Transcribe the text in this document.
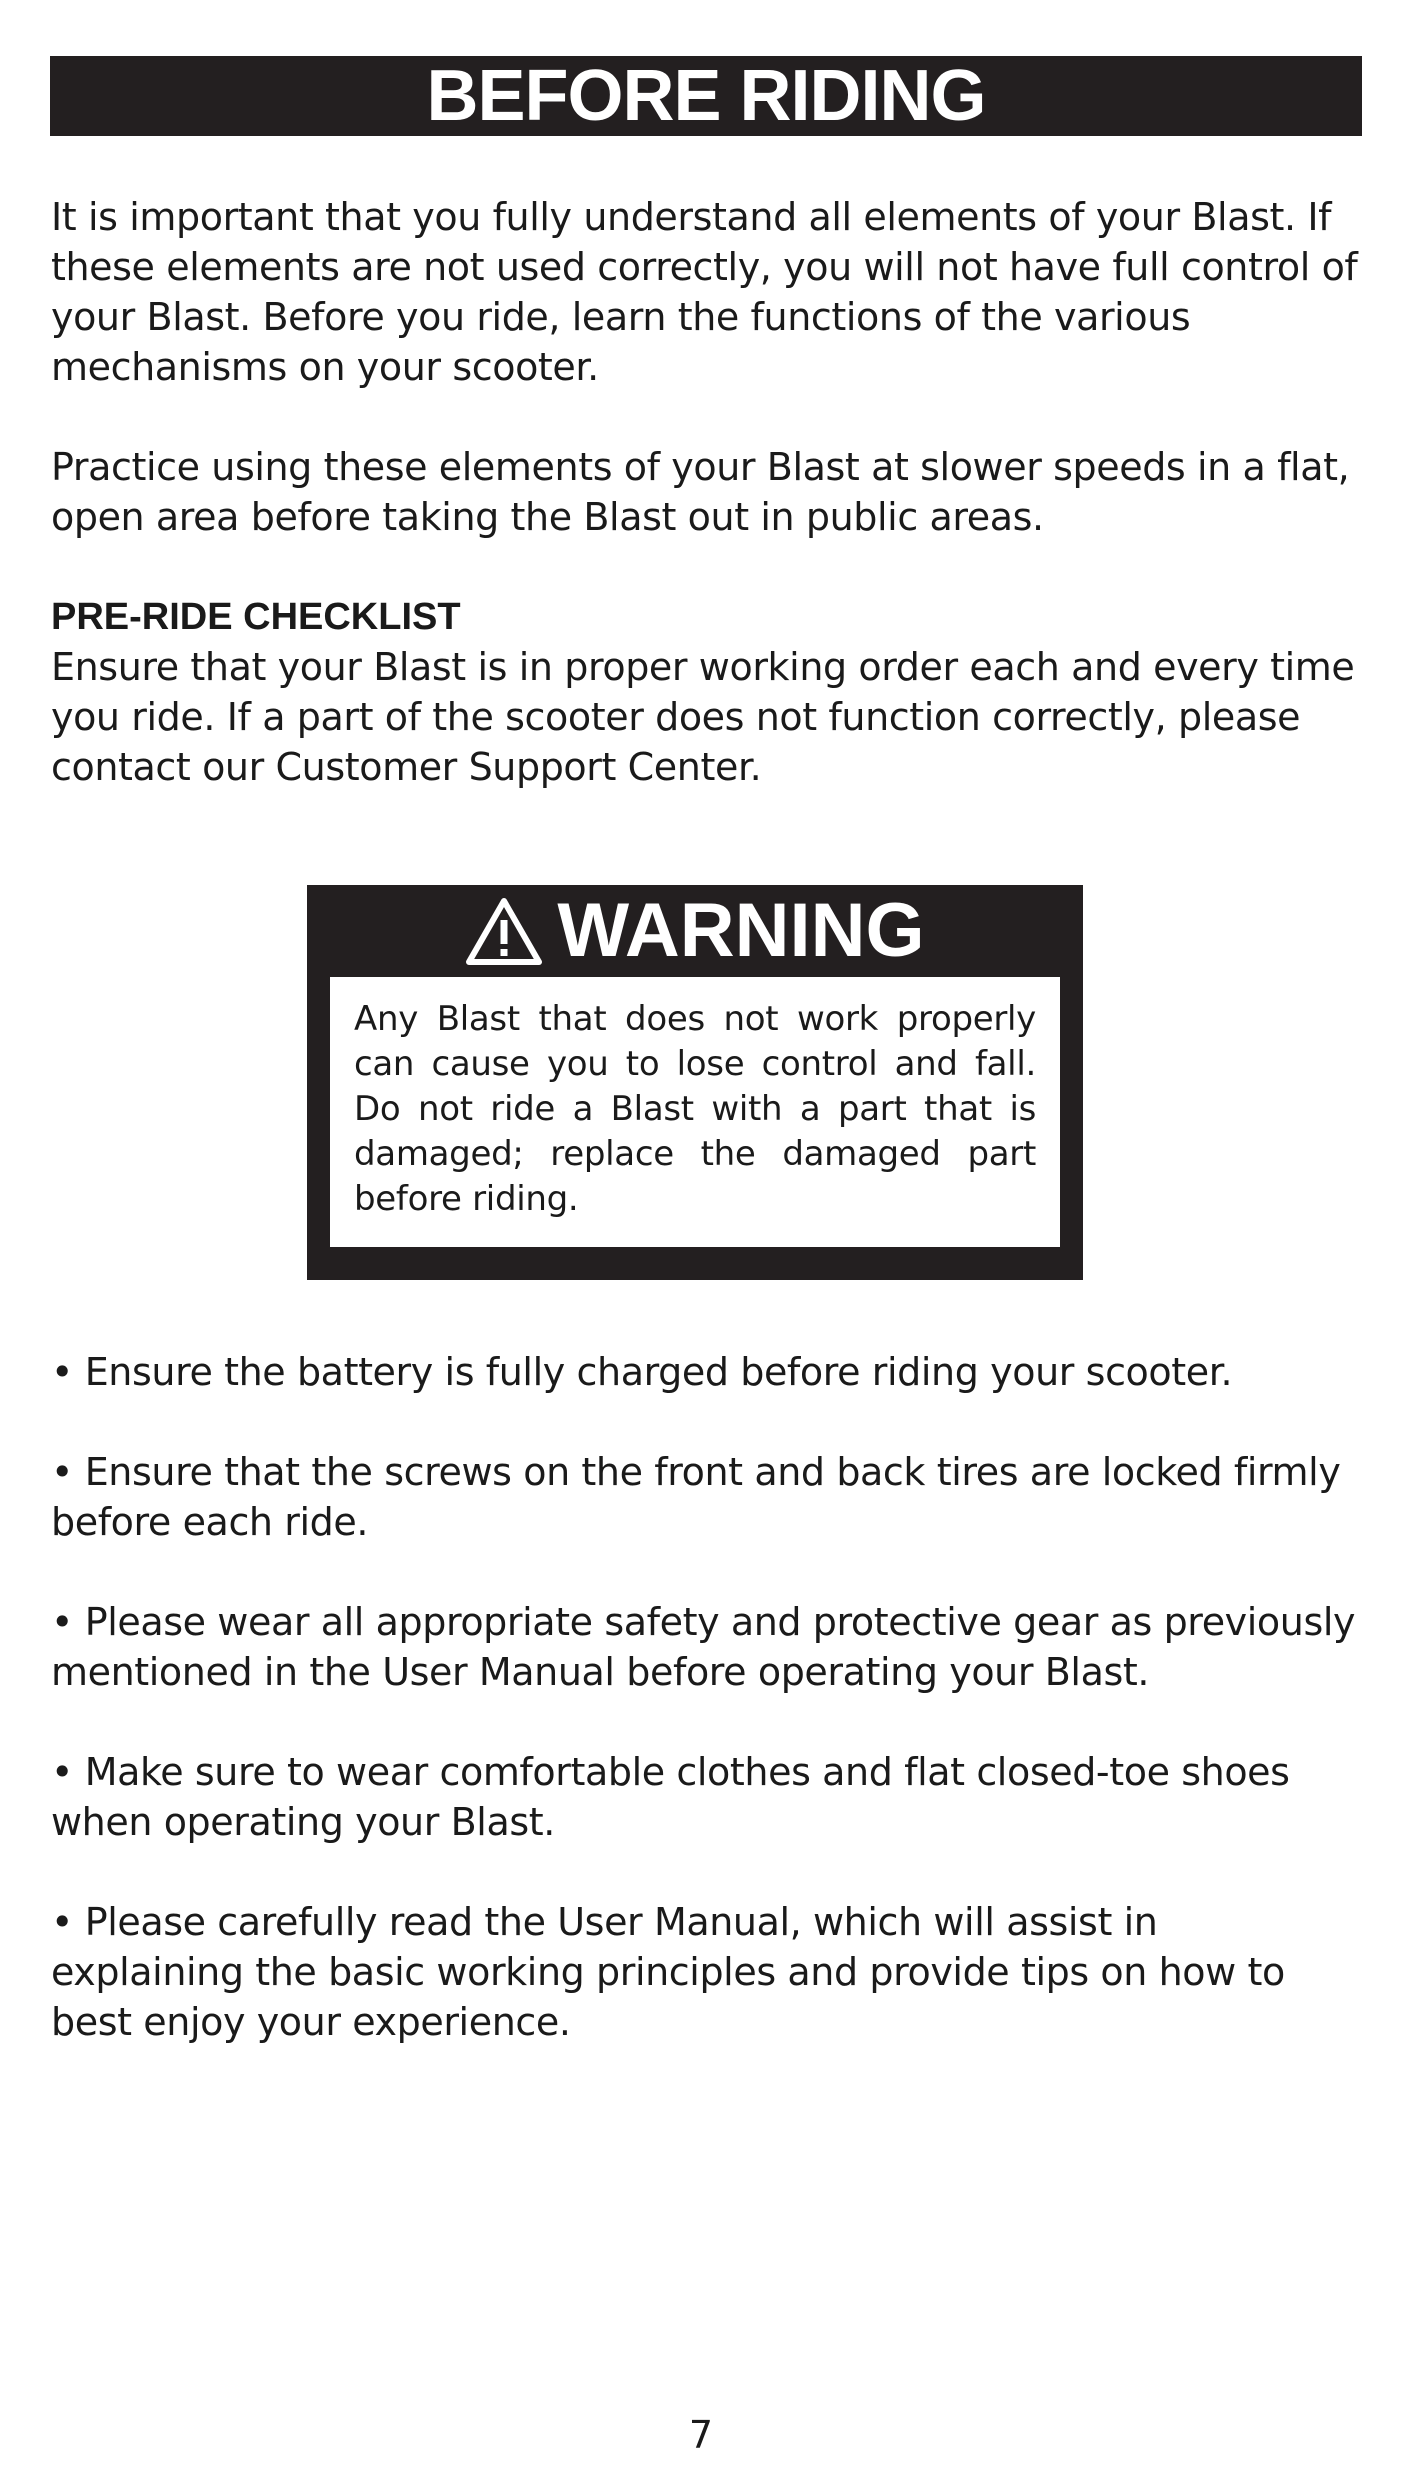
BEFORE RIDING

It is important that you fully understand all elements of your Blast. If these elements are not used correctly, you will not have full control of your Blast. Before you ride, learn the functions of the various mechanisms on your scooter.

Practice using these elements of your Blast at slower speeds in a flat, open area before taking the Blast out in public areas.

PRE-RIDE CHECKLIST

Ensure that your Blast is in proper working order each and every time you ride. If a part of the scooter does not function correctly, please contact our Customer Support Center.

WARNING

Any Blast that does not work properly can cause you to lose control and fall. Do not ride a Blast with a part that is damaged; replace the damaged part before riding.

• Ensure the battery is fully charged before riding your scooter.

• Ensure that the screws on the front and back tires are locked firmly before each ride.

• Please wear all appropriate safety and protective gear as previously mentioned in the User Manual before operating your Blast.

• Make sure to wear comfortable clothes and flat closed-toe shoes when operating your Blast.

• Please carefully read the User Manual, which will assist in explaining the basic working principles and provide tips on how to best enjoy your experience.

7
